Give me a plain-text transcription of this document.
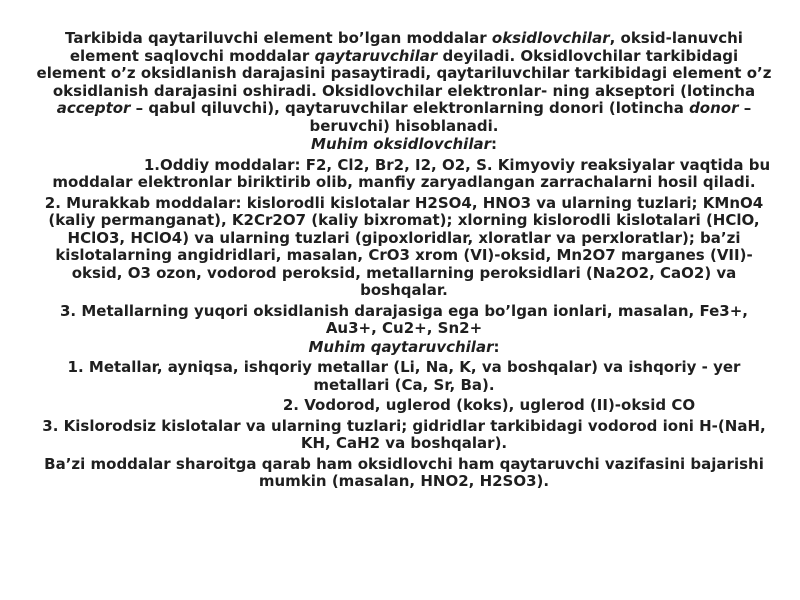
Tarkibida qaytariluvchi element bo’lgan moddalar oksidlovchilar, oksid-lanuvchi element saqlovchi moddalar qaytaruvchilar deyiladi. Oksidlovchilar tarkibidagi element o’z oksidlanish darajasini pasaytiradi, qaytariluvchilar tarkibidagi element o’z oksidlanish darajasini oshiradi. Oksidlovchilar elektronlar- ning akseptori (lotincha acceptor – qabul qiluvchi), qaytaruvchilar elektronlarning donori (lotincha donor – beruvchi) hisoblanadi.

Muhim oksidlovchilar:

1.Oddiy moddalar: F2, Cl2, Br2, I2, O2, S. Kimyoviy reaksiyalar vaqtida bu moddalar elektronlar biriktirib olib, manfiy zaryadlangan zarrachalarni hosil qiladi.

2. Murakkab moddalar: kislorodli kislotalar H2SO4, HNO3 va ularning tuzlari; KMnO4 (kaliy permanganat), K2Cr2O7 (kaliy bixromat); xlorning kislorodli kislotalari (HClO, HClO3, HClO4) va ularning tuzlari (gipoxloridlar, xloratlar va perxloratlar); ba’zi kislotalarning angidridlari, masalan, CrO3 xrom (VI)-oksid, Mn2O7 marganes (VII)-oksid, O3 ozon, vodorod peroksid, metallarning peroksidlari (Na2O2, CaO2) va boshqalar.

3. Metallarning yuqori oksidlanish darajasiga ega bo’lgan ionlari, masalan, Fe3+, Au3+, Cu2+, Sn2+

Muhim qaytaruvchilar:

1. Metallar, ayniqsa, ishqoriy metallar (Li, Na, K, va boshqalar) va ishqoriy - yer metallari (Ca, Sr, Ba).

2. Vodorod, uglerod (koks), uglerod (II)-oksid CO

3. Kislorodsiz kislotalar va ularning tuzlari; gidridlar tarkibidagi vodorod ioni H-(NaH, KH, CaH2 va boshqalar).

Ba’zi moddalar sharoitga qarab ham oksidlovchi ham qaytaruvchi vazifasini bajarishi mumkin (masalan, HNO2, H2SO3).
